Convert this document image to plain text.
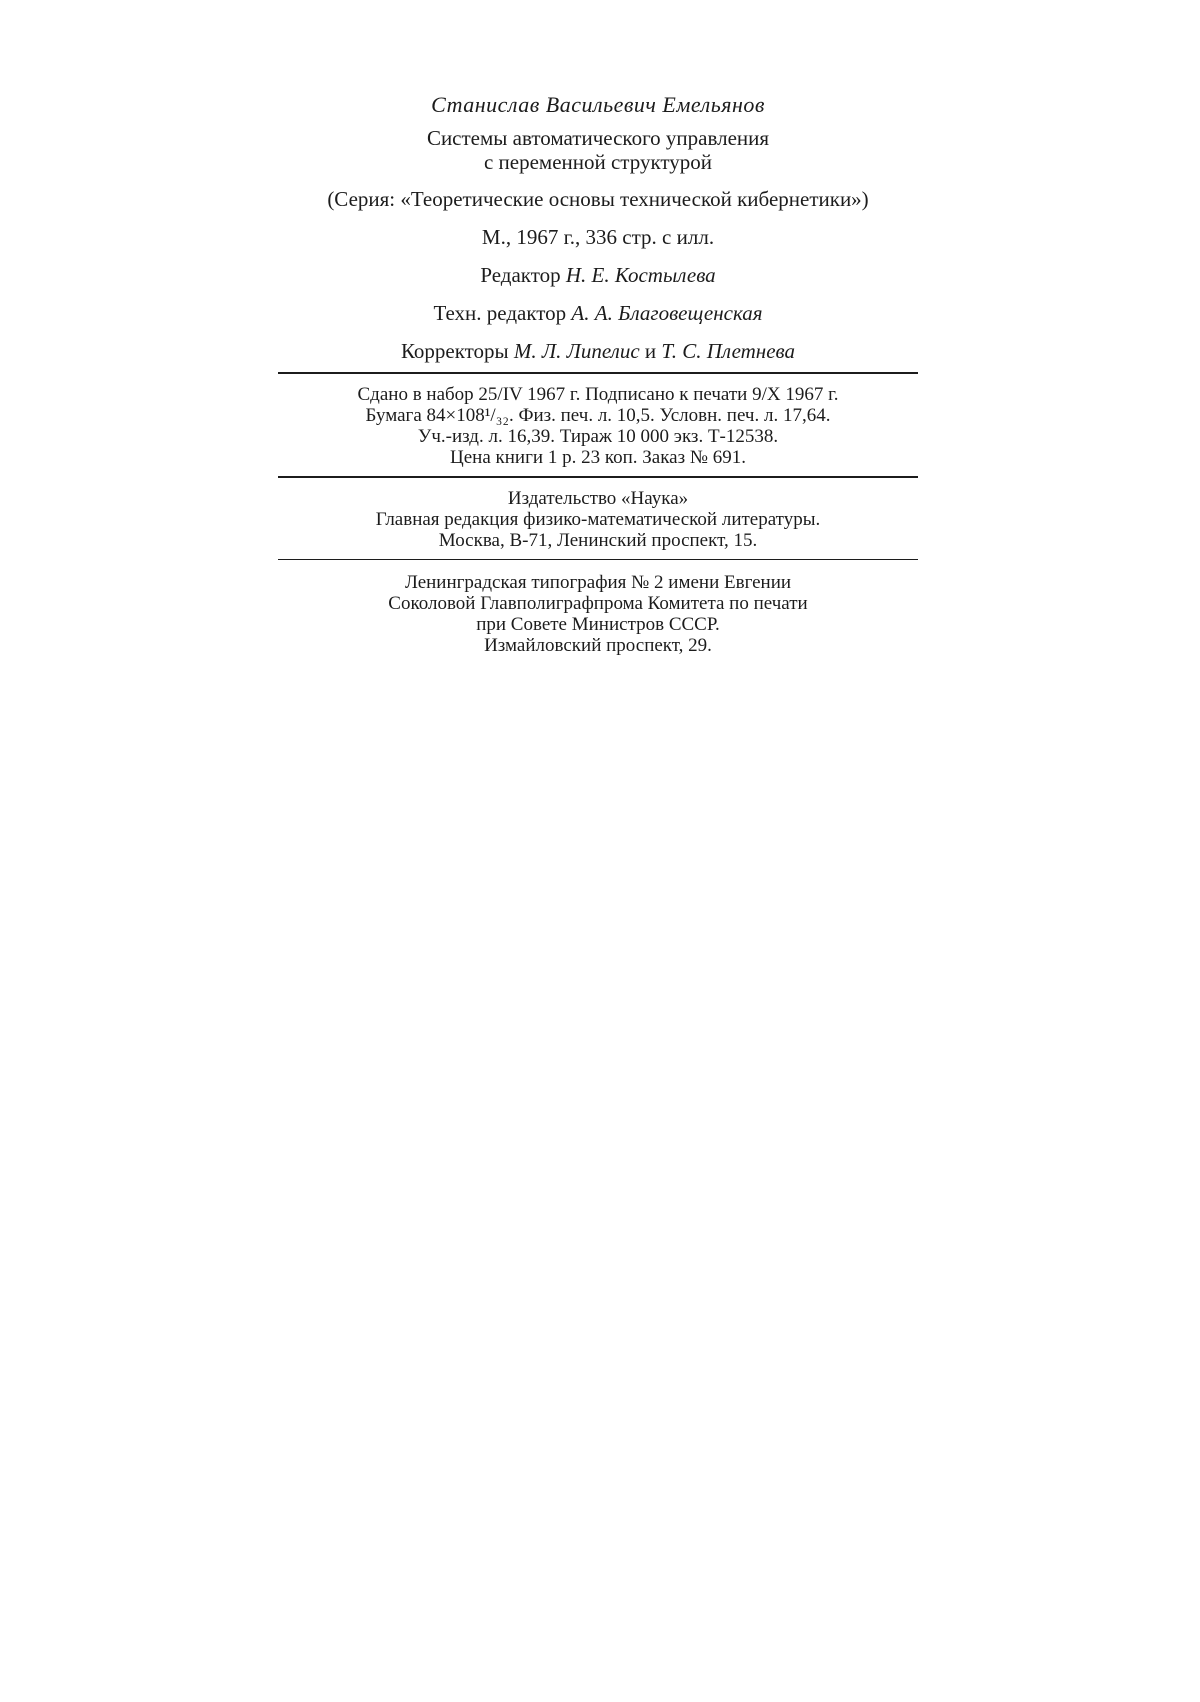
Станислав Васильевич Емельянов

Системы автоматического управления

с переменной структурой

(Серия: «Теоретические основы технической кибернетики»)

М., 1967 г., 336 стр. с илл.

Редактор Н. Е. Костылева

Техн. редактор А. А. Благовещенская

Корректоры М. Л. Липелис и Т. С. Плетнева

Сдано в набор 25/IV 1967 г. Подписано к печати 9/X 1967 г.

Бумага 84×108¹/₃₂. Физ. печ. л. 10,5. Условн. печ. л. 17,64.

Уч.-изд. л. 16,39. Тираж 10 000 экз. Т-12538.

Цена книги 1 р. 23 коп. Заказ № 691.

Издательство «Наука»

Главная редакция физико-математической литературы.

Москва, В-71, Ленинский проспект, 15.

Ленинградская типография № 2 имени Евгении

Соколовой Главполиграфпрома Комитета по печати

при Совете Министров СССР.

Измайловский проспект, 29.
